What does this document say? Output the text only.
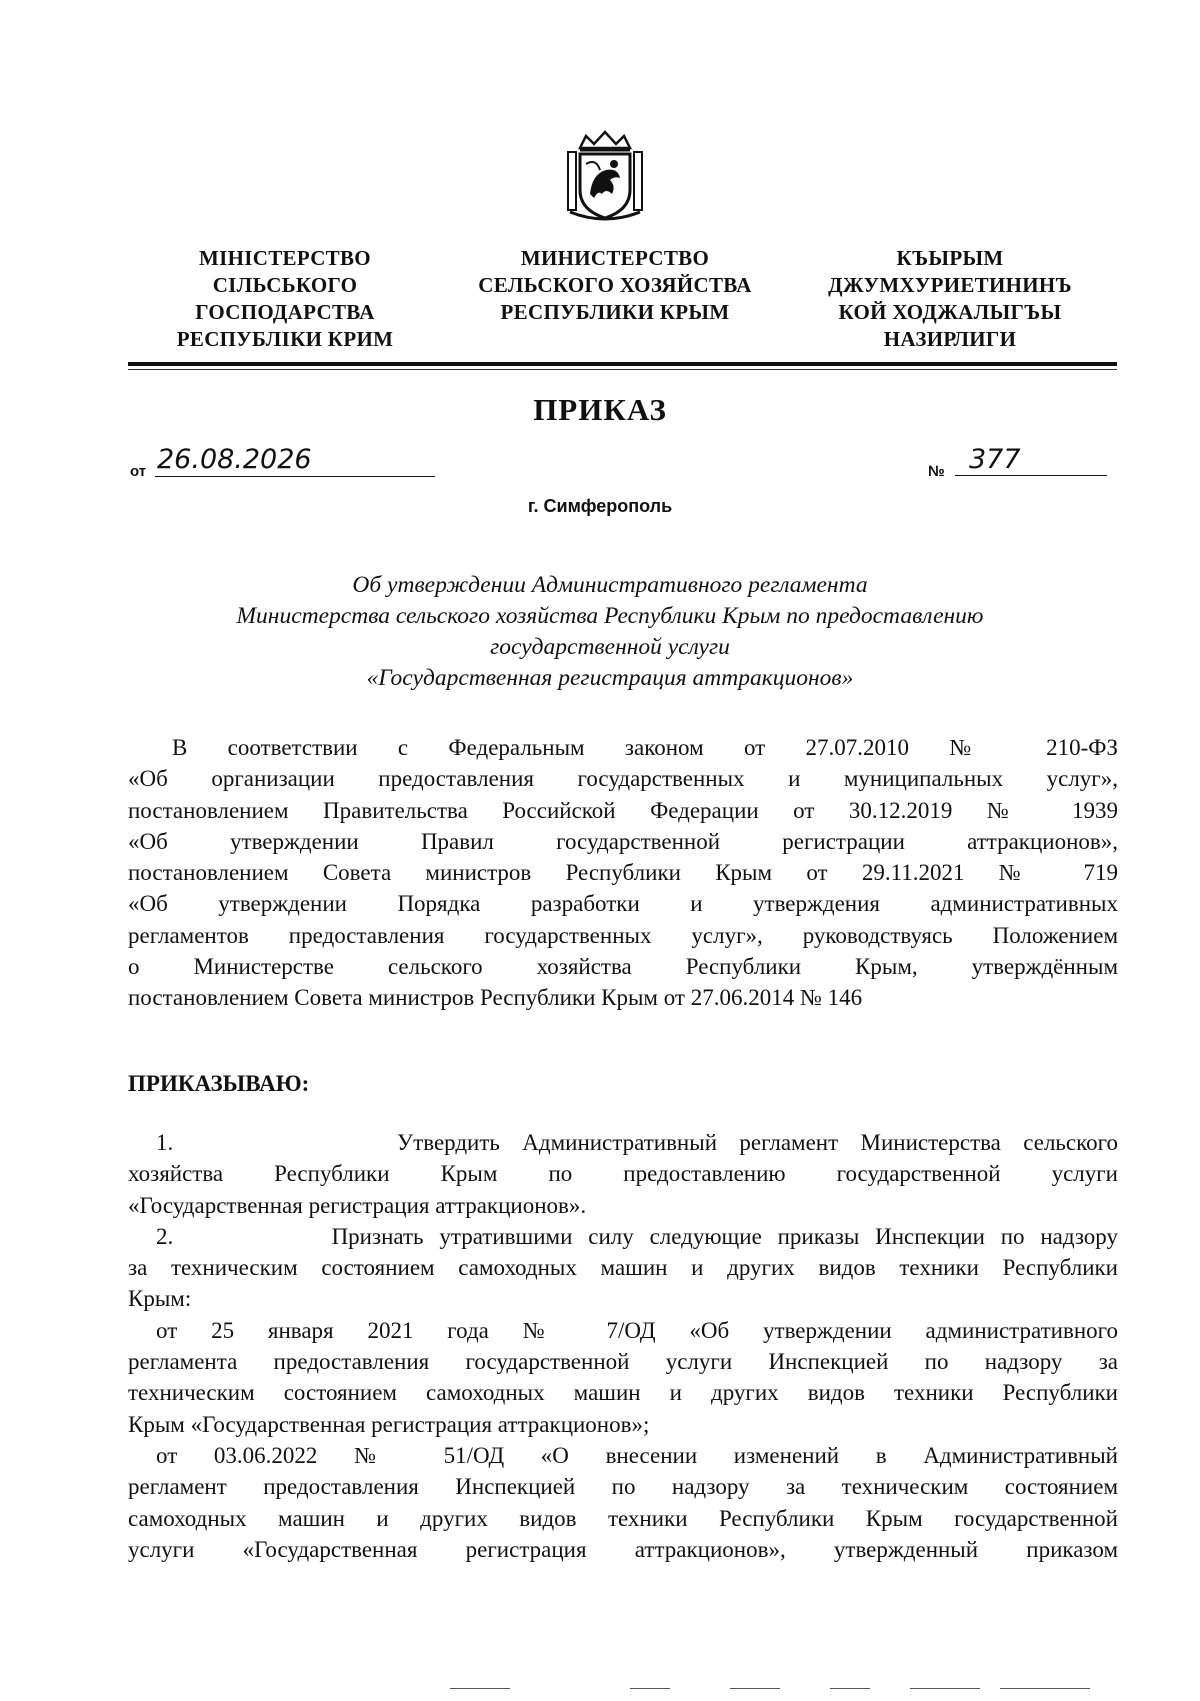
МІНІСТЕРСТВО
СІЛЬСЬКОГО
ГОСПОДАРСТВА
РЕСПУБЛІКИ КРИМ
МИНИСТЕРСТВО
СЕЛЬСКОГО ХОЗЯЙСТВА
РЕСПУБЛИКИ КРЫМ
КЪЫРЫМ
ДЖУМХУРИЕТИНИНЪ
КОЙ ХОДЖАЛЫГЪЫ
НАЗИРЛИГИ
ПРИКАЗ
от 26.08.2026	№ 377
г. Симферополь
Об утверждении Административного регламента
Министерства сельского хозяйства Республики Крым по предоставлению
государственной услуги
«Государственная регистрация аттракционов»
В соответствии с Федеральным законом от 27.07.2010 № 210-ФЗ
«Об организации предоставления государственных и муниципальных услуг»,
постановлением Правительства Российской Федерации от 30.12.2019 № 1939
«Об утверждении Правил государственной регистрации аттракционов»,
постановлением Совета министров Республики Крым от 29.11.2021 № 719
«Об утверждении Порядка разработки и утверждения административных
регламентов предоставления государственных услуг», руководствуясь Положением
о Министерстве сельского хозяйства Республики Крым, утверждённым
постановлением Совета министров Республики Крым от 27.06.2014 № 146
ПРИКАЗЫВАЮ:
1.          Утвердить Административный регламент Министерства сельского
хозяйства Республики Крым по предоставлению государственной услуги
«Государственная регистрация аттракционов».
2.          Признать утратившими силу следующие приказы Инспекции по надзору
за техническим состоянием самоходных машин и других видов техники Республики
Крым:
от 25 января 2021 года № 7/ОД «Об утверждении административного
регламента предоставления государственной услуги Инспекцией по надзору за
техническим состоянием самоходных машин и других видов техники Республики
Крым «Государственная регистрация аттракционов»;
от 03.06.2022 № 51/ОД «О внесении изменений в Административный
регламент предоставления Инспекцией по надзору за техническим состоянием
самоходных машин и других видов техники Республики Крым государственной
услуги «Государственная регистрация аттракционов», утвержденный приказом
